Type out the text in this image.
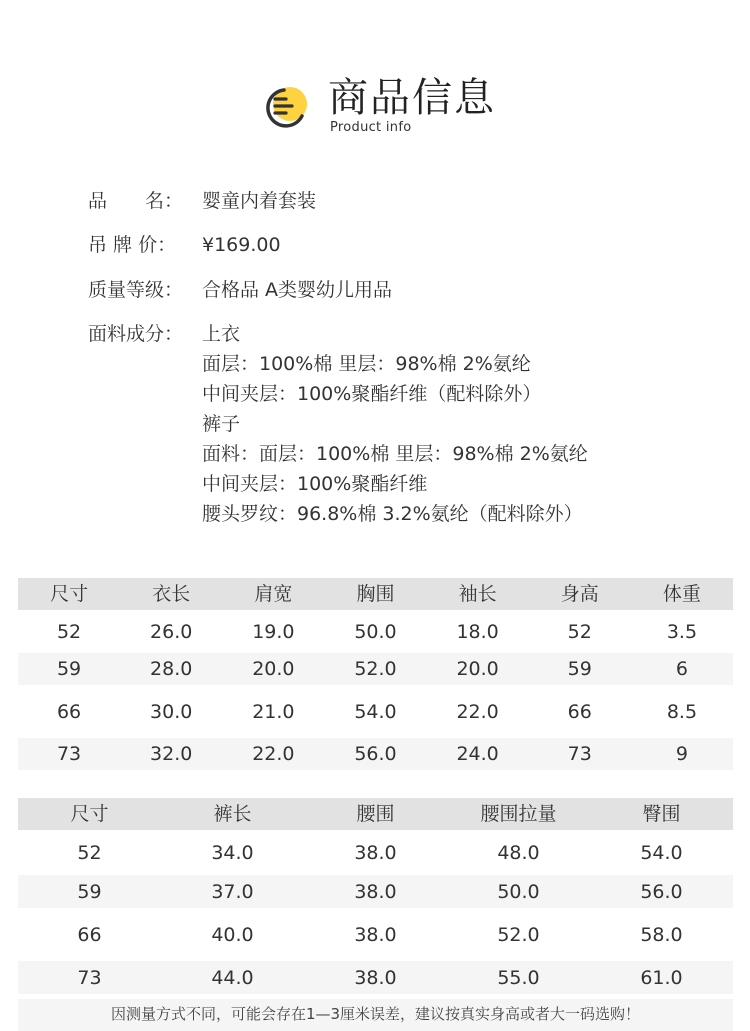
商品信息
Product info
品　　名： 婴童内着套装
吊 牌 价：	¥169.00
质量等级： 合格品 A类婴幼儿用品
面料成分： 上衣
面层：100%棉 里层：98%棉 2%氨纶
中间夹层：100%聚酯纤维（配料除外）
裤子
面料：面层：100%棉 里层：98%棉 2%氨纶
中间夹层：100%聚酯纤维
腰头罗纹：96.8%棉 3.2%氨纶（配料除外）
尺寸	衣长	肩宽	胸围	袖长	身高	体重
52	26.0	19.0	50.0	18.0	52	3.5
59	28.0	20.0	52.0	20.0	59	6
66	30.0	21.0	54.0	22.0	66	8.5
73	32.0	22.0	56.0	24.0	73	9
尺寸	裤长	腰围	腰围拉量	臀围
52	34.0	38.0	48.0	54.0
59	37.0	38.0	50.0	56.0
66	40.0	38.0	52.0	58.0
73	44.0	38.0	55.0	61.0
因测量方式不同，可能会存在1—3厘米误差，建议按真实身高或者大一码选购！
